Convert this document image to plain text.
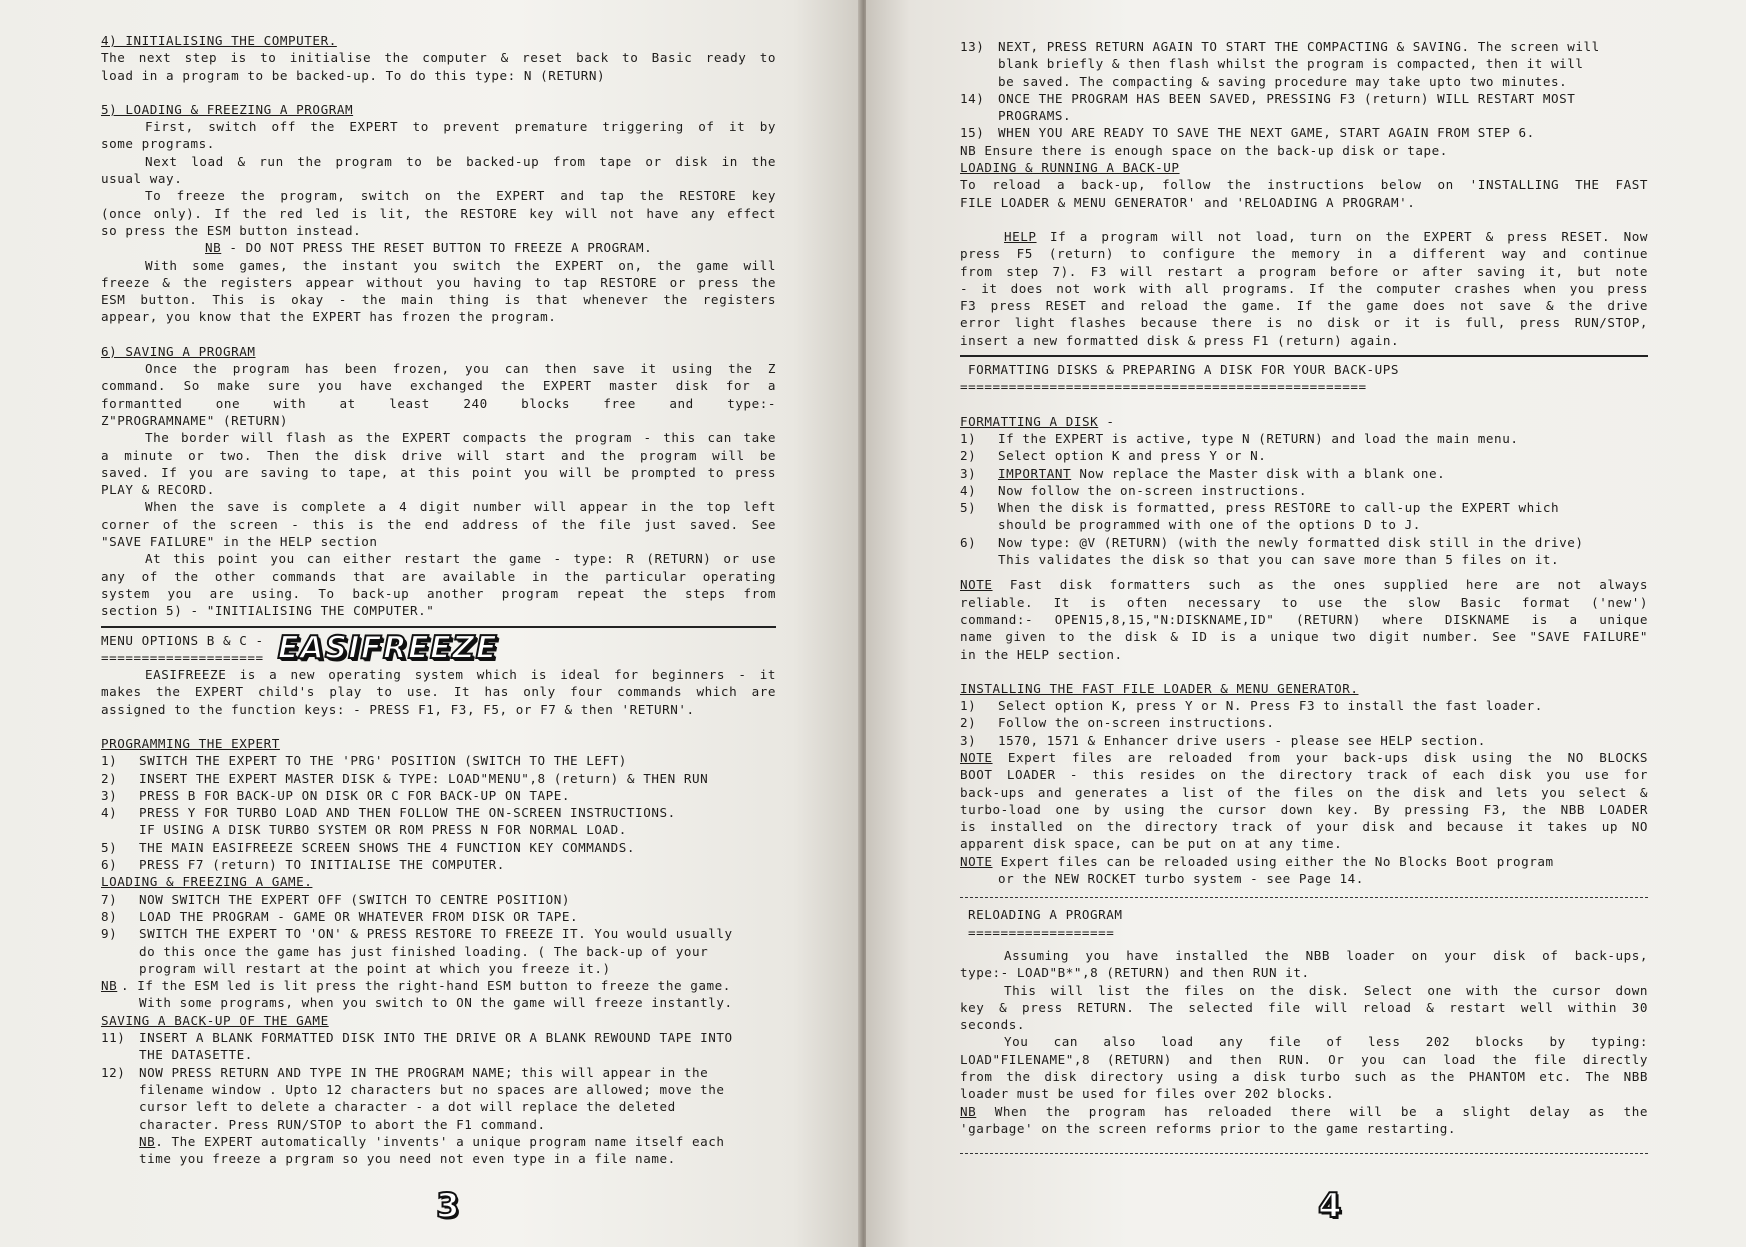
4) INITIALISING THE COMPUTER.

The next step is to initialise the computer & reset back to Basic ready to

load in a program to be backed-up. To do this type: N (RETURN)

5) LOADING & FREEZING A PROGRAM

First, switch off the EXPERT to prevent premature triggering of it by

some programs.

Next load & run the program to be backed-up from tape or disk in the

usual way.

To freeze the program, switch on the EXPERT and tap the RESTORE key

(once only). If the red led is lit, the RESTORE key will not have any effect

so press the ESM button instead.

NB - DO NOT PRESS THE RESET BUTTON TO FREEZE A PROGRAM.

With some games, the instant you switch the EXPERT on, the game will

freeze & the registers appear without you having to tap RESTORE or press the

ESM button. This is okay - the main thing is that whenever the registers

appear, you know that the EXPERT has frozen the program.

6) SAVING A PROGRAM

Once the program has been frozen, you can then save it using the Z

command. So make sure you have exchanged the EXPERT master disk for a

formantted one with at least 240 blocks free and type:-

Z"PROGRAMNAME" (RETURN)

The border will flash as the EXPERT compacts the program - this can take

a minute or two. Then the disk drive will start and the program will be

saved. If you are saving to tape, at this point you will be prompted to press

PLAY & RECORD.

When the save is complete a 4 digit number will appear in the top left

corner of the screen - this is the end address of the file just saved. See

"SAVE FAILURE" in the HELP section

At this point you can either restart the game - type: R (RETURN) or use

any of the other commands that are available in the particular operating

system you are using. To back-up another program repeat the steps from

section 5) - "INITIALISING THE COMPUTER."

MENU OPTIONS B & C -

==================== EASIFREEZE

EASIFREEZE is a new operating system which is ideal for beginners - it

makes the EXPERT child's play to use. It has only four commands which are

assigned to the function keys: - PRESS F1, F3, F5, or F7 & then 'RETURN'.

PROGRAMMING THE EXPERT

1)	SWITCH THE EXPERT TO THE 'PRG' POSITION (SWITCH TO THE LEFT)
2)	INSERT THE EXPERT MASTER DISK & TYPE: LOAD"MENU",8 (return) & THEN RUN
3)	PRESS B FOR BACK-UP ON DISK OR C FOR BACK-UP ON TAPE.
4)	PRESS Y FOR TURBO LOAD AND THEN FOLLOW THE ON-SCREEN INSTRUCTIONS.
IF USING A DISK TURBO SYSTEM OR ROM PRESS N FOR NORMAL LOAD.
5)	THE MAIN EASIFREEZE SCREEN SHOWS THE 4 FUNCTION KEY COMMANDS.
6)	PRESS F7 (return) TO INITIALISE THE COMPUTER.

LOADING & FREEZING A GAME.

7)	NOW SWITCH THE EXPERT OFF (SWITCH TO CENTRE POSITION)
8)	LOAD THE PROGRAM - GAME OR WHATEVER FROM DISK OR TAPE.
9)	SWITCH THE EXPERT TO 'ON' & PRESS RESTORE TO FREEZE IT. You would usually
do this once the game has just finished loading. ( The back-up of your
program will restart at the point at which you freeze it.)
NB . If the ESM led is lit press the right-hand ESM button to freeze the game.
With some programs, when you switch to ON the game will freeze instantly.

SAVING A BACK-UP OF THE GAME

11)	INSERT A BLANK FORMATTED DISK INTO THE DRIVE OR A BLANK REWOUND TAPE INTO
THE DATASETTE.
12)	NOW PRESS RETURN AND TYPE IN THE PROGRAM NAME; this will appear in the
filename window . Upto 12 characters but no spaces are allowed; move the
cursor left to delete a character - a dot will replace the deleted
character. Press RUN/STOP to abort the F1 command.
NB. The EXPERT automatically 'invents' a unique program name itself each
time you freeze a prgram so you need not even type in a file name.
3
13)	NEXT, PRESS RETURN AGAIN TO START THE COMPACTING & SAVING. The screen will
blank briefly & then flash whilst the program is compacted, then it will
be saved. The compacting & saving procedure may take upto two minutes.
14)	ONCE THE PROGRAM HAS BEEN SAVED, PRESSING F3 (return) WILL RESTART MOST
PROGRAMS.
15)	WHEN YOU ARE READY TO SAVE THE NEXT GAME, START AGAIN FROM STEP 6.

NB Ensure there is enough space on the back-up disk or tape.

LOADING & RUNNING A BACK-UP

To reload a back-up, follow the instructions below on 'INSTALLING THE FAST

FILE LOADER & MENU GENERATOR' and 'RELOADING A PROGRAM'.

HELP If a program will not load, turn on the EXPERT & press RESET. Now

press F5 (return) to configure the memory in a different way and continue

from step 7). F3 will restart a program before or after saving it, but note

- it does not work with all programs. If the computer crashes when you press

F3 press RESET and reload the game. If the game does not save & the drive

error light flashes because there is no disk or it is full, press RUN/STOP,

insert a new formatted disk & press F1 (return) again.

FORMATTING DISKS & PREPARING A DISK FOR YOUR BACK-UPS

==================================================

FORMATTING A DISK -

1)	If the EXPERT is active, type N (RETURN) and load the main menu.
2)	Select option K and press Y or N.
3)	IMPORTANT Now replace the Master disk with a blank one.
4)	Now follow the on-screen instructions.
5)	When the disk is formatted, press RESTORE to call-up the EXPERT which
should be programmed with one of the options D to J.
6)	Now type: @V (RETURN) (with the newly formatted disk still in the drive)
This validates the disk so that you can save more than 5 files on it.

NOTE Fast disk formatters such as the ones supplied here are not always

reliable. It is often necessary to use the slow Basic format ('new')

command:- OPEN15,8,15,"N:DISKNAME,ID" (RETURN) where DISKNAME is a unique

name given to the disk & ID is a unique two digit number. See "SAVE FAILURE"

in the HELP section.

INSTALLING THE FAST FILE LOADER & MENU GENERATOR.

1)	Select option K, press Y or N. Press F3 to install the fast loader.
2)	Follow the on-screen instructions.
3)	1570, 1571 & Enhancer drive users - please see HELP section.

NOTE Expert files are reloaded from your back-ups disk using the NO BLOCKS

BOOT LOADER - this resides on the directory track of each disk you use for

back-ups and generates a list of the files on the disk and lets you select &

turbo-load one by using the cursor down key. By pressing F3, the NBB LOADER

is installed on the directory track of your disk and because it takes up NO

apparent disk space, can be put on at any time.

NOTE Expert files can be reloaded using either the No Blocks Boot program

or the NEW ROCKET turbo system - see Page 14.

RELOADING A PROGRAM

==================

Assuming you have installed the NBB loader on your disk of back-ups,

type:- LOAD"B*",8 (RETURN) and then RUN it.

This will list the files on the disk. Select one with the cursor down

key & press RETURN. The selected file will reload & restart well within 30

seconds.

You can also load any file of less 202 blocks by typing:

LOAD"FILENAME",8 (RETURN) and then RUN. Or you can load the file directly

from the disk directory using a disk turbo such as the PHANTOM etc. The NBB

loader must be used for files over 202 blocks.

NB When the program has reloaded there will be a slight delay as the

'garbage' on the screen reforms prior to the game restarting.

4
